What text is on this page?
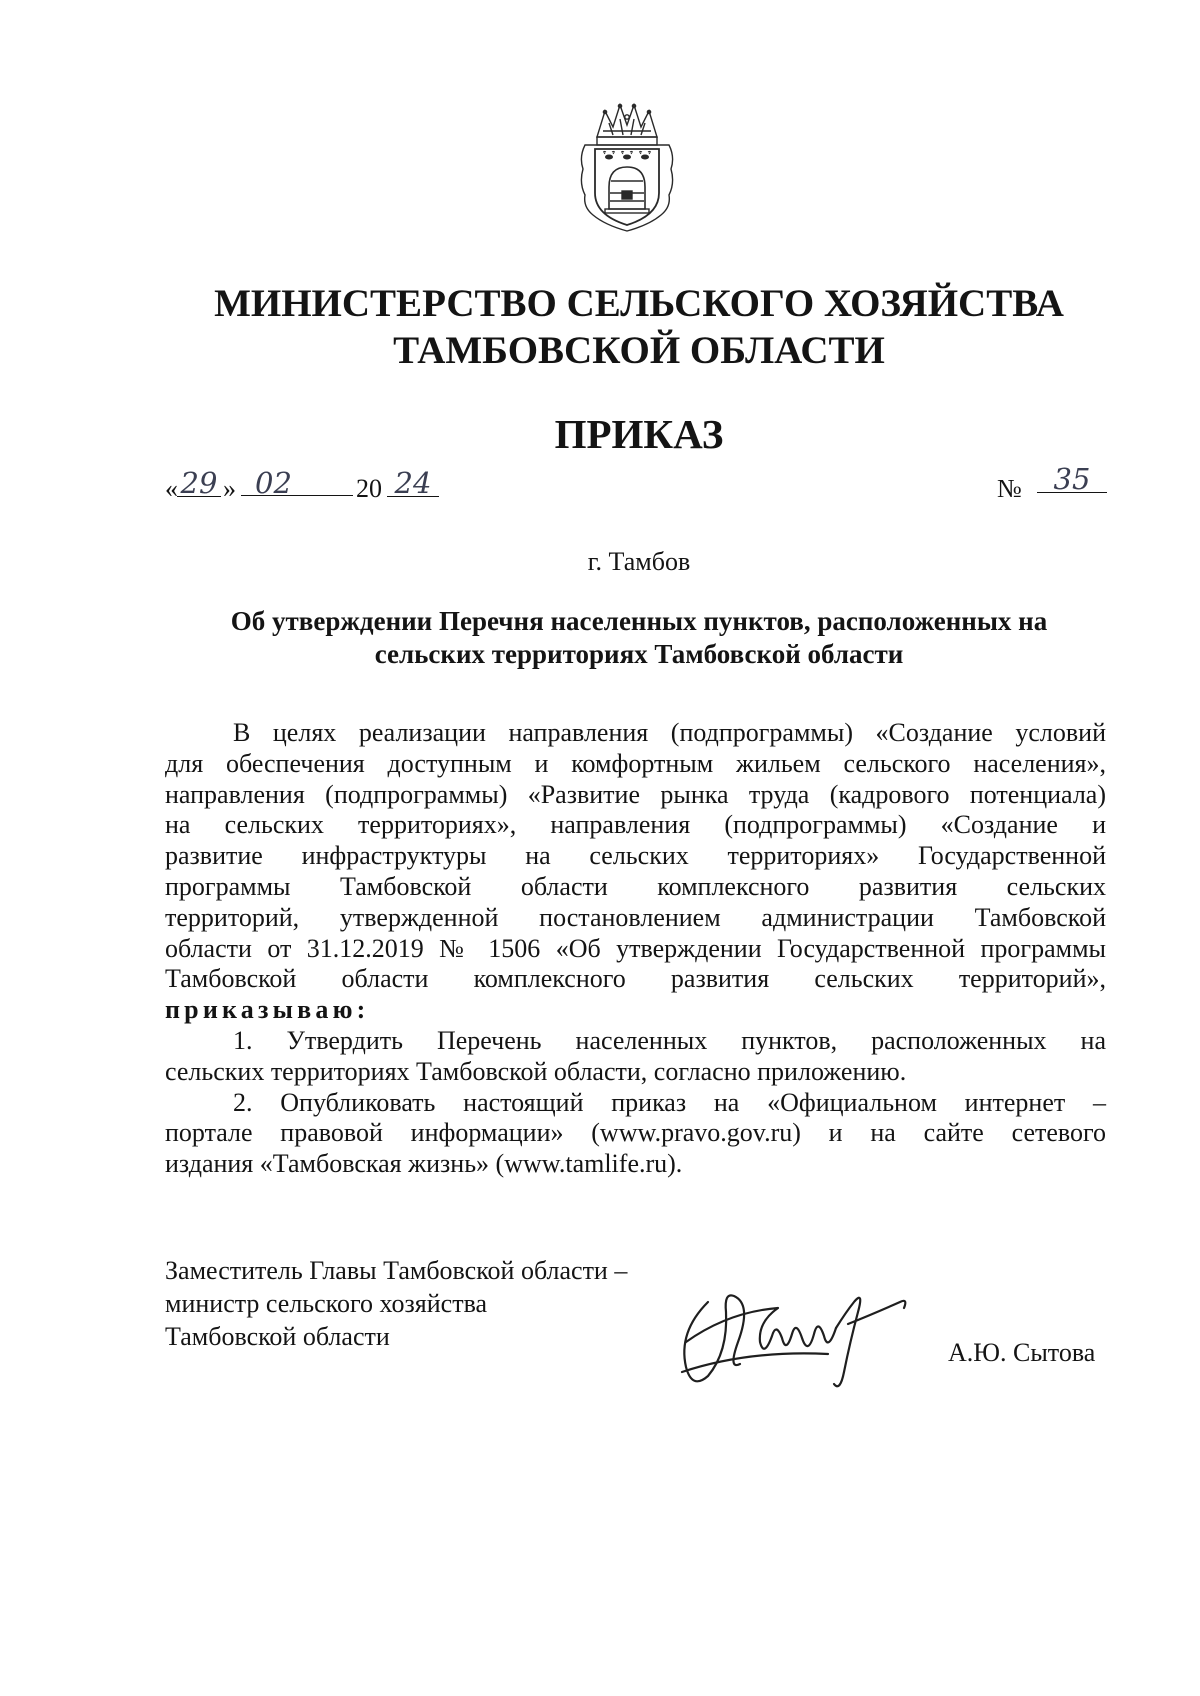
МИНИСТЕРСТВО СЕЛЬСКОГО ХОЗЯЙСТВА
ТАМБОВСКОЙ ОБЛАСТИ
ПРИКАЗ
« 29 » 02	20 24	№	35
г. Тамбов
Об утверждении Перечня населенных пунктов, расположенных на
сельских территориях Тамбовской области

В целях реализации направления (подпрограммы) «Создание условий

для обеспечения доступным и комфортным жильем сельского населения»,

направления (подпрограммы) «Развитие рынка труда (кадрового потенциала)

на сельских территориях», направления (подпрограммы) «Создание и

развитие инфраструктуры на сельских территориях» Государственной

программы Тамбовской области комплексного развития сельских

территорий, утвержденной постановлением администрации Тамбовской

области от 31.12.2019 № 1506 «Об утверждении Государственной программы

Тамбовской области комплексного развития сельских территорий»,

приказываю:

1. Утвердить Перечень населенных пунктов, расположенных на

сельских территориях Тамбовской области, согласно приложению.

2. Опубликовать настоящий приказ на «Официальном интернет –

портале правовой информации» (www.pravo.gov.ru) и на сайте сетевого

издания «Тамбовская жизнь» (www.tamlife.ru).

Заместитель Главы Тамбовской области –
министр сельского хозяйства
Тамбовской области
А.Ю. Сытова
